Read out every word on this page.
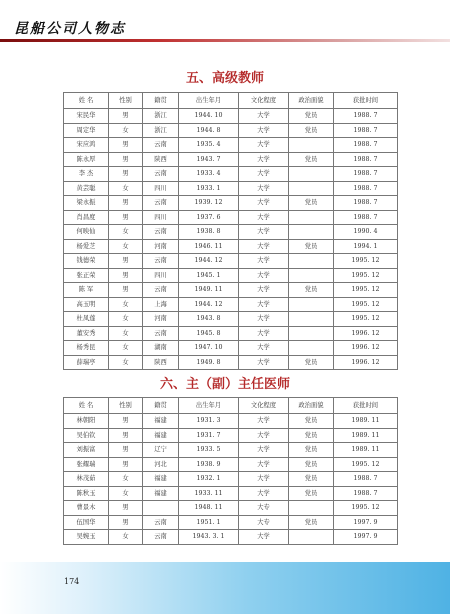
昆船公司人物志
五、高级教师
姓 名	性别	籍贯	出生年月	文化程度	政治面貌	获批时间
宋民华	男	浙江	1944. 10	大学	党员	1988. 7
周定华	女	浙江	1944. 8	大学	党员	1988. 7
宋应鸿	男	云南	1935. 4	大学		1988. 7
陈永厚	男	陕西	1943. 7	大学	党员	1988. 7
李 杰	男	云南	1933. 4	大学		1988. 7
黄芸聪	女	四川	1933. 1	大学		1988. 7
梁永振	男	云南	1939. 12	大学	党员	1988. 7
肖昌度	男	四川	1937. 6	大学		1988. 7
何映仙	女	云南	1938. 8	大学		1990. 4
杨爱芝	女	河南	1946. 11	大学	党员	1994. 1
钱德荣	男	云南	1944. 12	大学		1995. 12
张正荣	男	四川	1945. 1	大学		1995. 12
陈 军	男	云南	1949. 11	大学	党员	1995. 12
高玉明	女	上海	1944. 12	大学		1995. 12
杜凤莲	女	河南	1943. 8	大学		1995. 12
董安秀	女	云南	1945. 8	大学		1996. 12
杨秀昆	女	湖南	1947. 10	大学		1996. 12
薛瑞亭	女	陕西	1949. 8	大学	党员	1996. 12
六、主（副）主任医师
姓 名	性别	籍贯	出生年月	文化程度	政治面貌	获批时间
林朝阳	男	福建	1931. 3	大学	党员	1989. 11
吴伯钦	男	福建	1931. 7	大学	党员	1989. 11
刘振富	男	辽宁	1933. 5	大学	党员	1989. 11
张耀瑞	男	河北	1938. 9	大学	党员	1995. 12
林茂茹	女	福建	1932. 1	大学	党员	1988. 7
陈秋玉	女	福建	1933. 11	大学	党员	1988. 7
曹景木	男		1948. 11	大专		1995. 12
伍国华	男	云南	1951. 1	大专	党员	1997. 9
吴婉玉	女	云南	1943. 3. 1	大学		1997. 9
174
